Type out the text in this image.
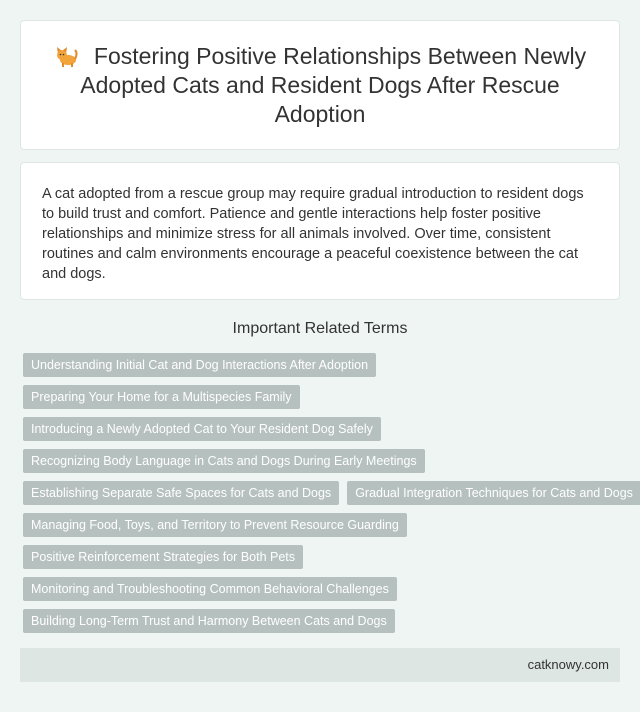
Fostering Positive Relationships Between Newly Adopted Cats and Resident Dogs After Rescue Adoption

A cat adopted from a rescue group may require gradual introduction to resident dogs to build trust and comfort. Patience and gentle interactions help foster positive relationships and minimize stress for all animals involved. Over time, consistent routines and calm environments encourage a peaceful coexistence between the cat and dogs.

Important Related Terms
Understanding Initial Cat and Dog Interactions After Adoption
Preparing Your Home for a Multispecies Family
Introducing a Newly Adopted Cat to Your Resident Dog Safely
Recognizing Body Language in Cats and Dogs During Early Meetings
Establishing Separate Safe Spaces for Cats and Dogs	Gradual Integration Techniques for Cats and Dogs
Managing Food, Toys, and Territory to Prevent Resource Guarding
Positive Reinforcement Strategies for Both Pets
Monitoring and Troubleshooting Common Behavioral Challenges
Building Long-Term Trust and Harmony Between Cats and Dogs
catknowy.com
